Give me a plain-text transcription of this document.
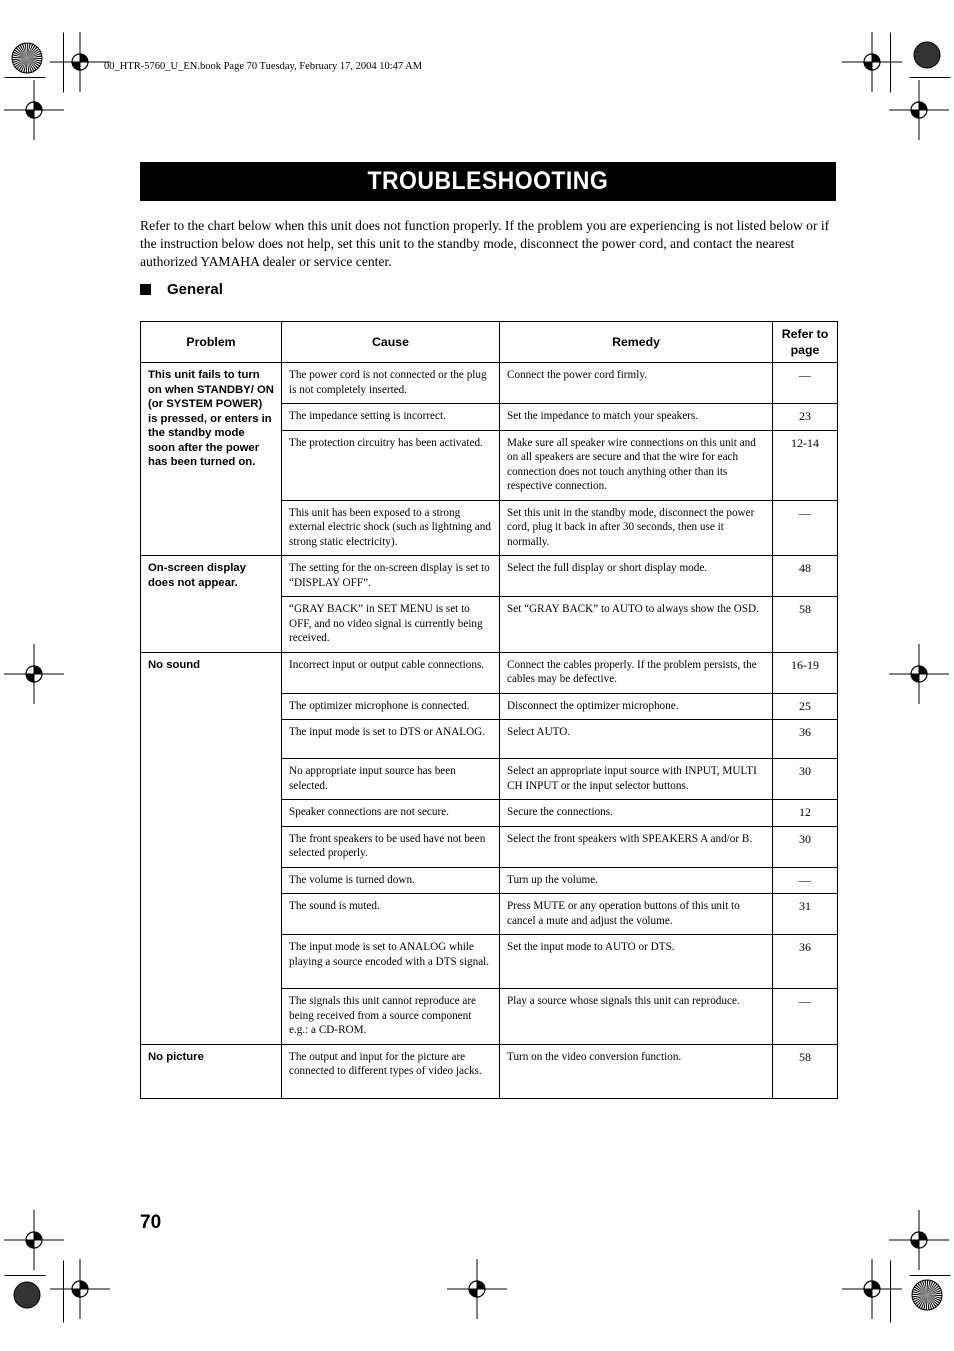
00_HTR-5760_U_EN.book Page 70 Tuesday, February 17, 2004 10:47 AM
TROUBLESHOOTING
Refer to the chart below when this unit does not function properly. If the problem you are experiencing is not listed below or if the instruction below does not help, set this unit to the standby mode, disconnect the power cord, and contact the nearest authorized YAMAHA dealer or service center.
General
Problem	Cause	Remedy	Refer to page
This unit fails to turn on when STANDBY/ ON (or SYSTEM POWER) is pressed, or enters in the standby mode soon after the power has been turned on.	The power cord is not connected or the plug is not completely inserted.	Connect the power cord firmly.	—
	The impedance setting is incorrect.	Set the impedance to match your speakers.	23
	The protection circuitry has been activated.	Make sure all speaker wire connections on this unit and on all speakers are secure and that the wire for each connection does not touch anything other than its respective connection.	12-14
	This unit has been exposed to a strong external electric shock (such as lightning and strong static electricity).	Set this unit in the standby mode, disconnect the power cord, plug it back in after 30 seconds, then use it normally.	—
On-screen display does not appear.	The setting for the on-screen display is set to “DISPLAY OFF”.	Select the full display or short display mode.	48
	“GRAY BACK” in SET MENU is set to OFF, and no video signal is currently being received.	Set “GRAY BACK” to AUTO to always show the OSD.	58
No sound	Incorrect input or output cable connections.	Connect the cables properly. If the problem persists, the cables may be defective.	16-19
	The optimizer microphone is connected.	Disconnect the optimizer microphone.	25
	The input mode is set to DTS or ANALOG.	Select AUTO.	36
	No appropriate input source has been selected.	Select an appropriate input source with INPUT, MULTI CH INPUT or the input selector buttons.	30
	Speaker connections are not secure.	Secure the connections.	12
	The front speakers to be used have not been selected properly.	Select the front speakers with SPEAKERS A and/or B.	30
	The volume is turned down.	Turn up the volume.	—
	The sound is muted.	Press MUTE or any operation buttons of this unit to cancel a mute and adjust the volume.	31
	The input mode is set to ANALOG while playing a source encoded with a DTS signal.	Set the input mode to AUTO or DTS.	36
	The signals this unit cannot reproduce are being received from a source component e.g.: a CD-ROM.	Play a source whose signals this unit can reproduce.	—
No picture	The output and input for the picture are connected to different types of video jacks.	Turn on the video conversion function.	58
70
